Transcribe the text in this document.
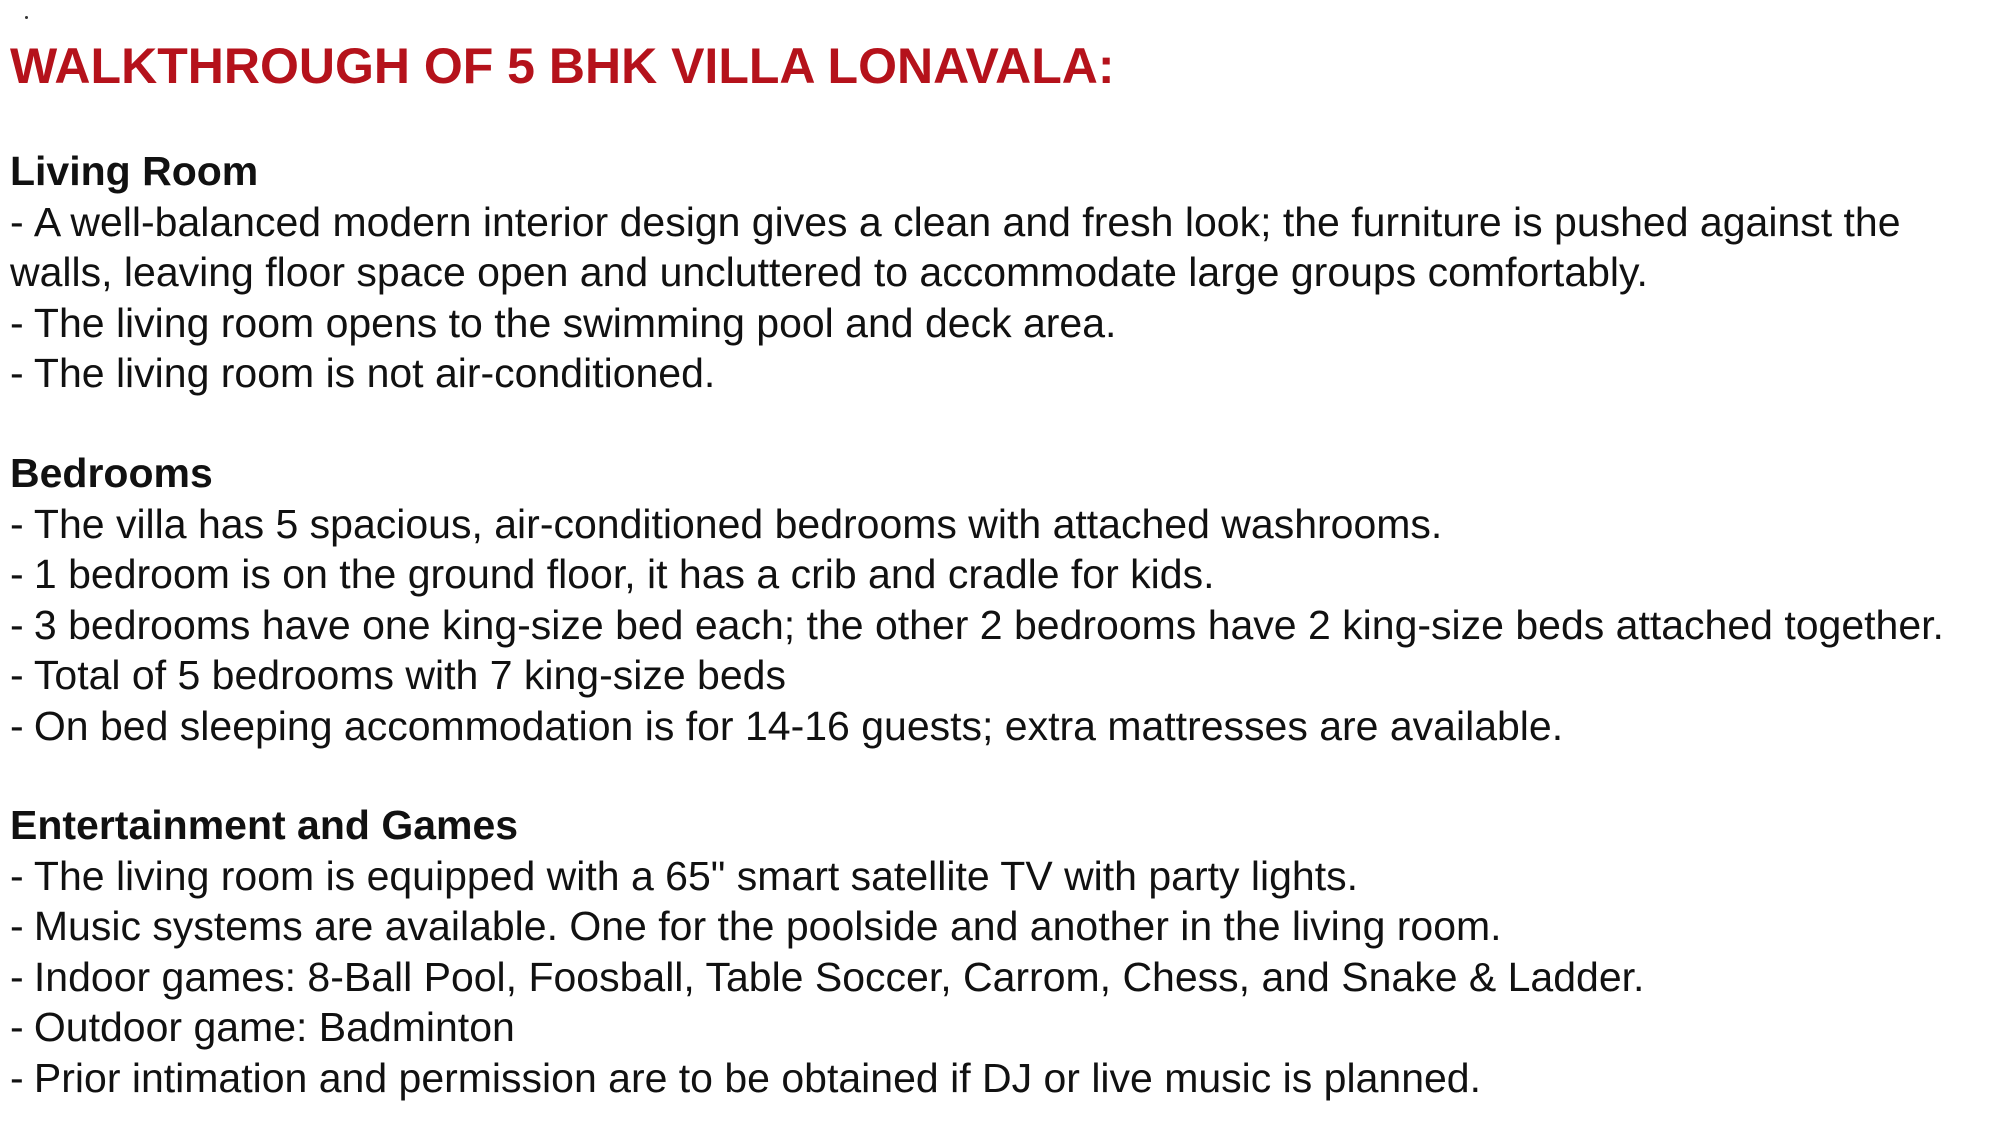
WALKTHROUGH OF 5 BHK VILLA LONAVALA:
Living Room
- A well-balanced modern interior design gives a clean and fresh look; the furniture is pushed against the walls, leaving floor space open and uncluttered to accommodate large groups comfortably.
- The living room opens to the swimming pool and deck area.
- The living room is not air-conditioned.
Bedrooms
- The villa has 5 spacious, air-conditioned bedrooms with attached washrooms.
- 1 bedroom is on the ground floor, it has a crib and cradle for kids.
- 3 bedrooms have one king-size bed each; the other 2 bedrooms have 2 king-size beds attached together.
- Total of 5 bedrooms with 7 king-size beds
- On bed sleeping accommodation is for 14-16 guests; extra mattresses are available.
Entertainment and Games
- The living room is equipped with a 65" smart satellite TV with party lights.
- Music systems are available. One for the poolside and another in the living room.
- Indoor games: 8-Ball Pool, Foosball, Table Soccer, Carrom, Chess, and Snake & Ladder.
- Outdoor game: Badminton
- Prior intimation and permission are to be obtained if DJ or live music is planned.
